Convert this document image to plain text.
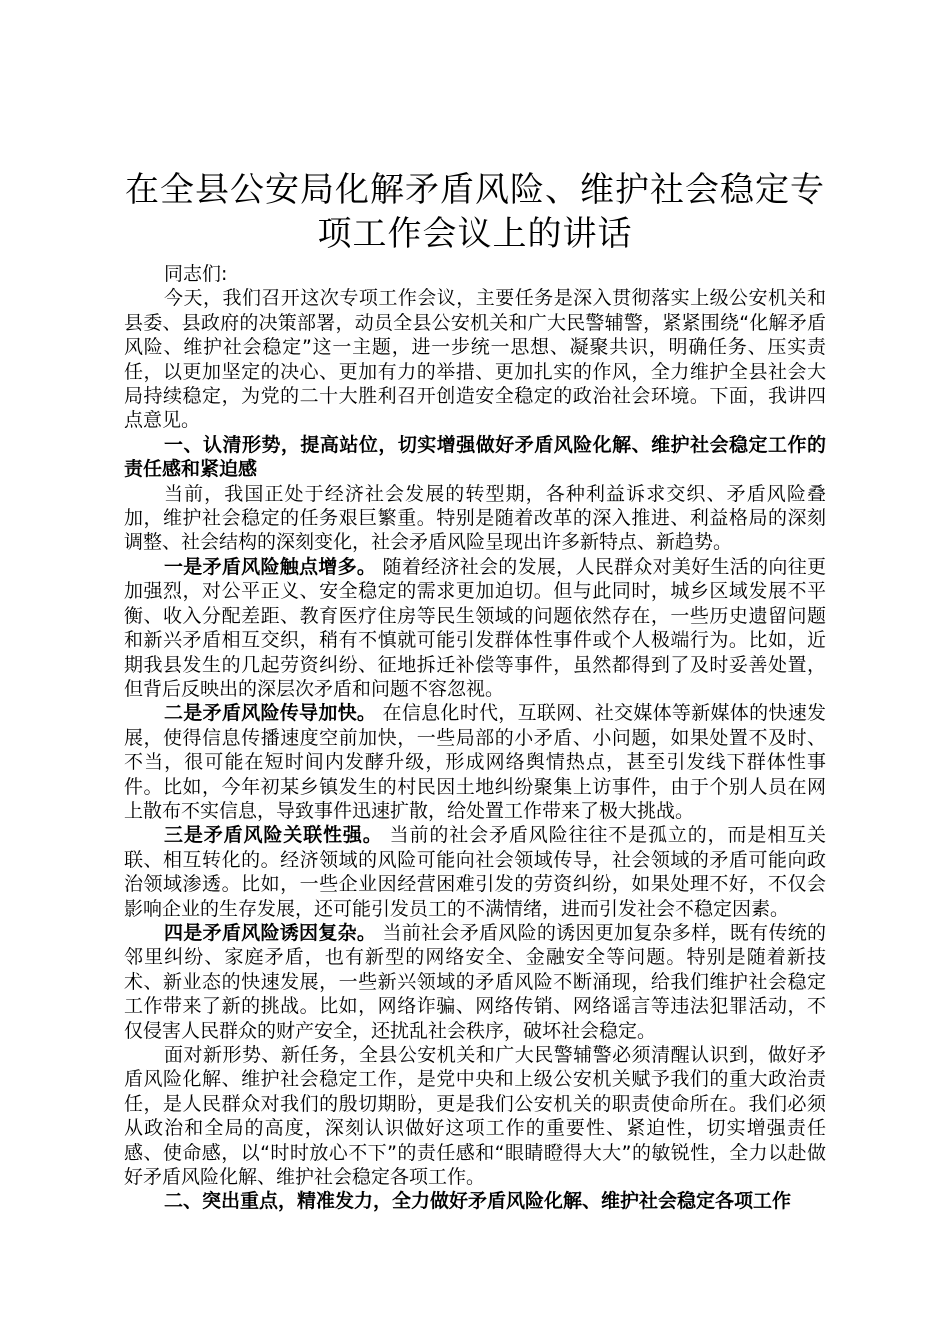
在全县公安局化解矛盾风险、维护社会稳定专
项工作会议上的讲话

同志们:

今天，我们召开这次专项工作会议，主要任务是深入贯彻落实上级公安机关和县委、县政府的决策部署，动员全县公安机关和广大民警辅警，紧紧围绕“化解矛盾风险、维护社会稳定”这一主题，进一步统一思想、凝聚共识，明确任务、压实责任，以更加坚定的决心、更加有力的举措、更加扎实的作风，全力维护全县社会大局持续稳定，为党的二十大胜利召开创造安全稳定的政治社会环境。下面，我讲四点意见。

一、认清形势，提高站位，切实增强做好矛盾风险化解、维护社会稳定工作的责任感和紧迫感

当前，我国正处于经济社会发展的转型期，各种利益诉求交织、矛盾风险叠加，维护社会稳定的任务艰巨繁重。特别是随着改革的深入推进、利益格局的深刻调整、社会结构的深刻变化，社会矛盾风险呈现出许多新特点、新趋势。

一是矛盾风险触点增多。 随着经济社会的发展，人民群众对美好生活的向往更加强烈，对公平正义、安全稳定的需求更加迫切。但与此同时，城乡区域发展不平衡、收入分配差距、教育医疗住房等民生领域的问题依然存在，一些历史遗留问题和新兴矛盾相互交织，稍有不慎就可能引发群体性事件或个人极端行为。比如，近期我县发生的几起劳资纠纷、征地拆迁补偿等事件，虽然都得到了及时妥善处置，但背后反映出的深层次矛盾和问题不容忽视。

二是矛盾风险传导加快。 在信息化时代，互联网、社交媒体等新媒体的快速发展，使得信息传播速度空前加快，一些局部的小矛盾、小问题，如果处置不及时、不当，很可能在短时间内发酵升级，形成网络舆情热点，甚至引发线下群体性事件。比如，今年初某乡镇发生的村民因土地纠纷聚集上访事件，由于个别人员在网上散布不实信息，导致事件迅速扩散，给处置工作带来了极大挑战。

三是矛盾风险关联性强。 当前的社会矛盾风险往往不是孤立的，而是相互关联、相互转化的。经济领域的风险可能向社会领域传导，社会领域的矛盾可能向政治领域渗透。比如，一些企业因经营困难引发的劳资纠纷，如果处理不好，不仅会影响企业的生存发展，还可能引发员工的不满情绪，进而引发社会不稳定因素。

四是矛盾风险诱因复杂。 当前社会矛盾风险的诱因更加复杂多样，既有传统的邻里纠纷、家庭矛盾，也有新型的网络安全、金融安全等问题。特别是随着新技术、新业态的快速发展，一些新兴领域的矛盾风险不断涌现，给我们维护社会稳定工作带来了新的挑战。比如，网络诈骗、网络传销、网络谣言等违法犯罪活动，不仅侵害人民群众的财产安全，还扰乱社会秩序，破坏社会稳定。

面对新形势、新任务，全县公安机关和广大民警辅警必须清醒认识到，做好矛盾风险化解、维护社会稳定工作，是党中央和上级公安机关赋予我们的重大政治责任，是人民群众对我们的殷切期盼，更是我们公安机关的职责使命所在。我们必须从政治和全局的高度，深刻认识做好这项工作的重要性、紧迫性，切实增强责任感、使命感，以“时时放心不下”的责任感和“眼睛瞪得大大”的敏锐性，全力以赴做好矛盾风险化解、维护社会稳定各项工作。

二、突出重点，精准发力，全力做好矛盾风险化解、维护社会稳定各项工作
